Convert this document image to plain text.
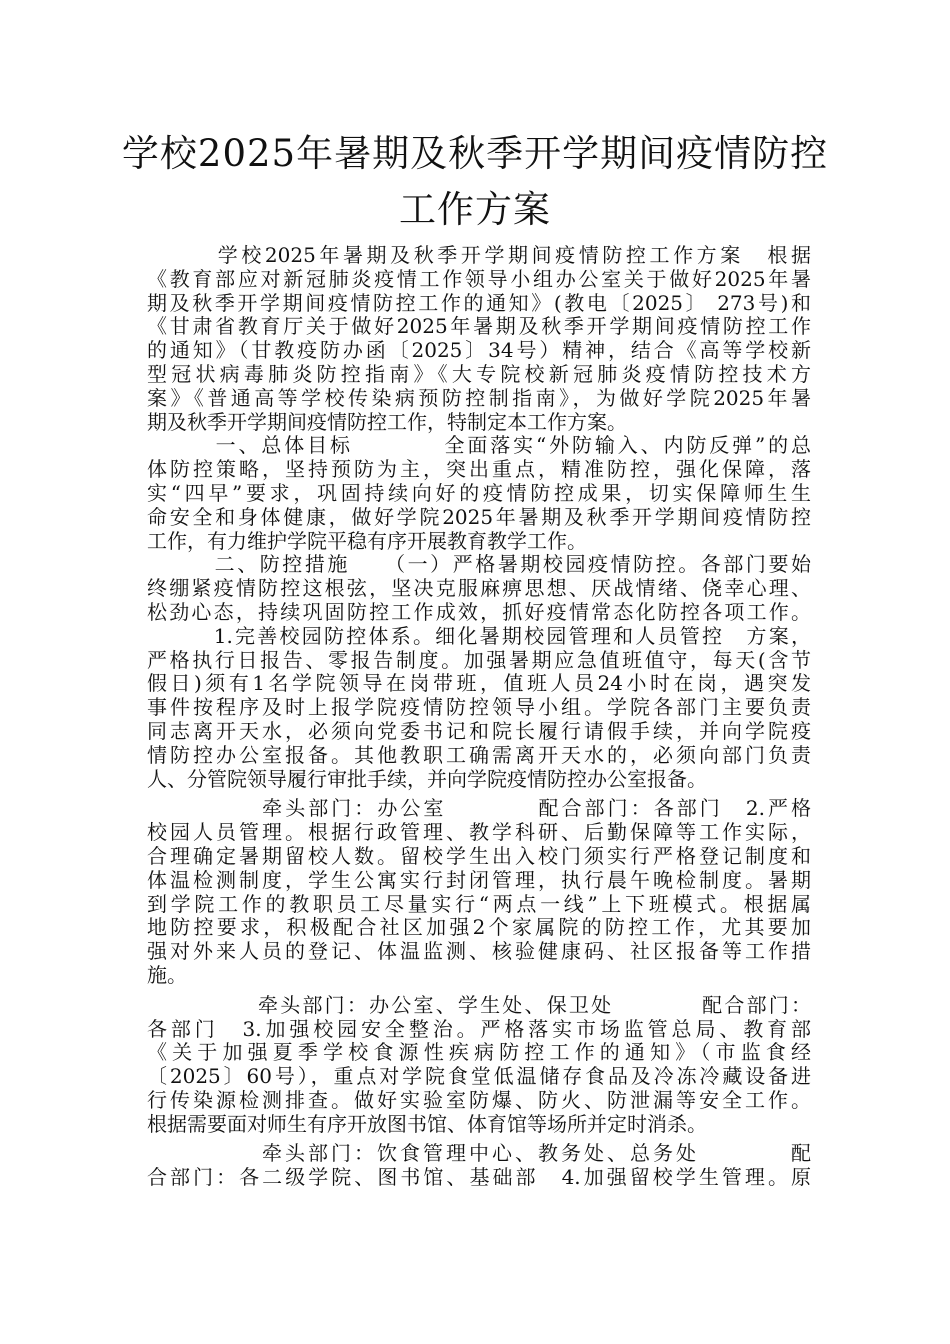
学校2025年暑期及秋季开学期间疫情防控
工作方案
　　　学校2025年暑期及秋季开学期间疫情防控工作方案　根据
《教育部应对新冠肺炎疫情工作领导小组办公室关于做好2025年暑
期及秋季开学期间疫情防控工作的通知》(教电〔2025〕 273号)和
《甘肃省教育厅关于做好2025年暑期及秋季开学期间疫情防控工作
的通知》（甘教疫防办函〔2025〕34号）精神，结合《高等学校新
型冠状病毒肺炎防控指南》《大专院校新冠肺炎疫情防控技术方
案》《普通高等学校传染病预防控制指南》，为做好学院2025年暑
期及秋季开学期间疫情防控工作，特制定本工作方案。
　　　一、总体目标　　　　全面落实“外防输入、内防反弹”的总
体防控策略，坚持预防为主，突出重点，精准防控，强化保障，落
实“四早”要求，巩固持续向好的疫情防控成果，切实保障师生生
命安全和身体健康，做好学院2025年暑期及秋季开学期间疫情防控
工作，有力维护学院平稳有序开展教育教学工作。
　　　二、防控措施　　（一）严格暑期校园疫情防控。各部门要始
终绷紧疫情防控这根弦，坚决克服麻痹思想、厌战情绪、侥幸心理、
松劲心态，持续巩固防控工作成效，抓好疫情常态化防控各项工作。
　　　1.完善校园防控体系。细化暑期校园管理和人员管控　方案，
严格执行日报告、零报告制度。加强暑期应急值班值守，每天(含节
假日)须有1名学院领导在岗带班，值班人员24小时在岗，遇突发
事件按程序及时上报学院疫情防控领导小组。学院各部门主要负责
同志离开天水，必须向党委书记和院长履行请假手续，并向学院疫
情防控办公室报备。其他教职工确需离开天水的，必须向部门负责
人、分管院领导履行审批手续，并向学院疫情防控办公室报备。
　　　　　牵头部门：办公室　　　　配合部门：各部门　2.严格
校园人员管理。根据行政管理、教学科研、后勤保障等工作实际，
合理确定暑期留校人数。留校学生出入校门须实行严格登记制度和
体温检测制度，学生公寓实行封闭管理，执行晨午晚检制度。暑期
到学院工作的教职员工尽量实行“两点一线”上下班模式。根据属
地防控要求，积极配合社区加强2个家属院的防控工作，尤其要加
强对外来人员的登记、体温监测、核验健康码、社区报备等工作措
施。
　　　　　牵头部门：办公室、学生处、保卫处　　　　配合部门：
各部门　3.加强校园安全整治。严格落实市场监管总局、教育部
《关于加强夏季学校食源性疾病防控工作的通知》（市监食经
〔2025〕60号），重点对学院食堂低温储存食品及冷冻冷藏设备进
行传染源检测排查。做好实验室防爆、防火、防泄漏等安全工作。
根据需要面对师生有序开放图书馆、体育馆等场所并定时消杀。
　　　　　牵头部门：饮食管理中心、教务处、总务处　　　　配
合部门：各二级学院、图书馆、基础部　4.加强留校学生管理。原
